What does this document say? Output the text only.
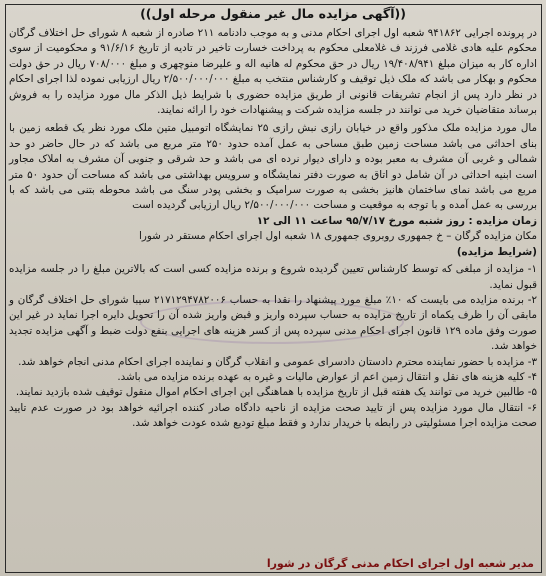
((آگهی مزایده مال غیر منقول مرحله اول))

در پرونده اجرایی ۹۴۱۸۶۲ شعبه اول اجرای احکام مدنی و به موجب دادنامه ۲۱۱ صادره از شعبه ۸ شورای حل اختلاف گرگان محکوم علیه هادی غلامی فرزند ف غلامعلی محکوم به پرداخت خسارت تاخیر در تادیه از تاریخ ۹۱/۶/۱۶ و محکومیت از سوی اداره کار به میزان مبلغ ۱۹/۴۰۸/۹۴۱ ریال در حق محکوم له هانیه اله و علیرضا منوچهری و مبلغ ۷۰۸/۰۰۰ ریال در حق دولت محکوم و بهکار می باشد که ملک ذیل توقیف و کارشناس منتخب به مبلغ ۲/۵۰۰/۰۰۰/۰۰۰ ریال ارزیابی نموده لذا اجرای احکام در نظر دارد پس از انجام تشریفات قانونی از طریق مزایده حضوری با شرایط ذیل الذکر مال مورد مزایده را به فروش برساند متقاضیان خرید می توانند در جلسه مزایده شرکت و پیشنهادات خود را ارائه نمایند.

مال مورد مزایده ملک مذکور واقع در خیابان رازی نبش رازی ۲۵ نمایشگاه اتومبیل متین ملک مورد نظر یک قطعه زمین با بنای احداثی می باشد مساحت زمین طبق مساحی به عمل آمده حدود ۲۵۰ متر مربع می باشد که در حال حاضر دو حد شمالی و غربی آن مشرف به معبر بوده و دارای دیوار نرده ای می باشد و حد شرقی و جنوبی آن مشرف به املاک مجاور است ابنیه احداثی در آن شامل دو اتاق به صورت دفتر نمایشگاه و سرویس بهداشتی می باشد که مساحت آن حدود ۵۰ متر مربع می باشد نمای ساختمان هانیز بخشی به صورت سرامیک و بخشی پودر سنگ می باشد محوطه بتنی می باشد که با بررسی به عمل آمده و با توجه به موقعیت و مساحت ۲/۵۰۰/۰۰۰/۰۰۰ ریال ارزیابی گردیده است

زمان مزایده : روز شنبه مورخ ۹۵/۷/۱۷ ساعت ۱۱ الی ۱۲

مکان مزایده گرگان – خ جمهوری روبروی جمهوری ۱۸ شعبه اول اجرای احکام مستقر در شورا

(شرایط مزایده)

۱- مزایده از مبلغی که توسط کارشناس تعیین گردیده شروع و برنده مزایده کسی است که بالاترین مبلغ را در جلسه مزایده قبول نماید.
۲- برنده مزایده می بایست که ۱۰٪ مبلغ مورد پیشنهاد را نقدا به حساب ۲۱۷۱۲۹۴۷۸۲۰۰۶ سیبا شورای حل اختلاف گرگان و مابقی آن را ظرف یکماه از تاریخ مزایده به حساب سپرده واریز و قبض واریز شده آن را تحویل دایره اجرا نماید در غیر این صورت وفق ماده ۱۲۹ قانون اجرای احکام مدنی سپرده پس از کسر هزینه های اجرایی بنفع دولت ضبط و آگهی مزایده تجدید خواهد شد.
۳- مزایده با حضور نماینده محترم دادستان دادسرای عمومی و انقلاب گرگان و نماینده اجرای احکام مدنی انجام خواهد شد.
۴- کلیه هزینه های نقل و انتقال زمین اعم از عوارض مالیات و غیره به عهده برنده مزایده می باشد.
۵- طالبین خرید می توانند یک هفته قبل از تاریخ مزایده با هماهنگی این اجرای احکام اموال منقول توقیف شده بازدید نمایند.
۶- انتقال مال مورد مزایده پس از تایید صحت مزایده از ناحیه دادگاه صادر کننده اجرائیه خواهد بود در صورت عدم تایید صحت مزایده اجرا مسئولیتی در رابطه با خریدار ندارد و فقط مبلغ تودیع شده عودت خواهد شد.
مدیر شعبه اول اجرای احکام مدنی گرگان در شورا
